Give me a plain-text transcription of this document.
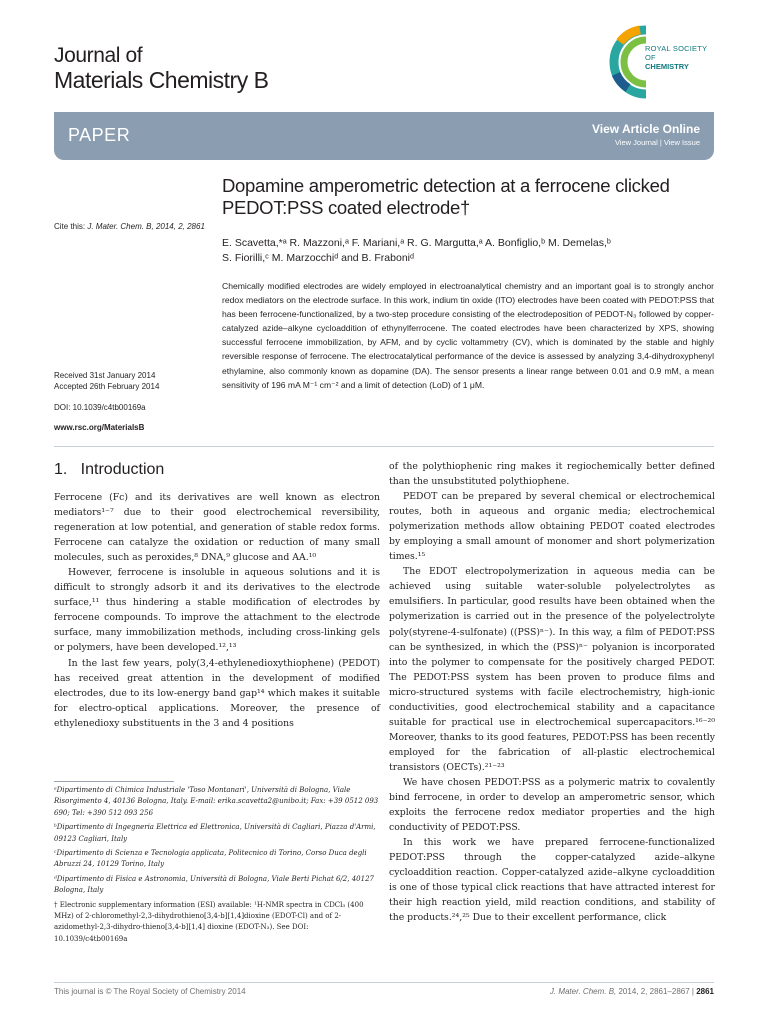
Journal of
Materials Chemistry B
ROYAL SOCIETY
OF
CHEMISTRY
PAPER	View Article Online
View Journal | View Issue
Cite this: J. Mater. Chem. B, 2014, 2, 2861
Dopamine amperometric detection at a ferrocene clicked PEDOT:PSS coated electrode†
E. Scavetta,*ᵃ R. Mazzoni,ᵃ F. Mariani,ᵃ R. G. Margutta,ᵃ A. Bonfiglio,ᵇ M. Demelas,ᵇ
S. Fiorilli,ᶜ M. Marzocchiᵈ and B. Fraboniᵈ
Chemically modified electrodes are widely employed in electroanalytical chemistry and an important goal is to strongly anchor redox mediators on the electrode surface. In this work, indium tin oxide (ITO) electrodes have been coated with PEDOT:PSS that has been ferrocene-functionalized, by a two-step procedure consisting of the electrodeposition of PEDOT-N₃ followed by copper-catalyzed azide–alkyne cycloaddition of ethynylferrocene. The coated electrodes have been characterized by XPS, showing successful ferrocene immobilization, by AFM, and by cyclic voltammetry (CV), which is dominated by the stable and highly reversible response of ferrocene. The electrocatalytical performance of the device is assessed by analyzing 3,4-dihydroxyphenyl ethylamine, also commonly known as dopamine (DA). The sensor presents a linear range between 0.01 and 0.9 mM, a mean sensitivity of 196 mA M⁻¹ cm⁻² and a limit of detection (LoD) of 1 μM.
Received 31st January 2014
Accepted 26th February 2014
DOI: 10.1039/c4tb00169a
www.rsc.org/MaterialsB
1.   Introduction

Ferrocene (Fc) and its derivatives are well known as electron mediators¹⁻⁷ due to their good electrochemical reversibility, regeneration at low potential, and generation of stable redox forms. Ferrocene can catalyze the oxidation or reduction of many small molecules, such as peroxides,⁸ DNA,⁹ glucose and AA.¹⁰

However, ferrocene is insoluble in aqueous solutions and it is difficult to strongly adsorb it and its derivatives to the electrode surface,¹¹ thus hindering a stable modification of electrodes by ferrocene compounds. To improve the attachment to the electrode surface, many immobilization methods, including cross-linking gels or polymers, have been developed.¹²,¹³

In the last few years, poly(3,4-ethylenedioxythiophene) (PEDOT) has received great attention in the development of modified electrodes, due to its low-energy band gap¹⁴ which makes it suitable for electro-optical applications. Moreover, the presence of ethylenedioxy substituents in the 3 and 4 positions

of the polythiophenic ring makes it regiochemically better defined than the unsubstituted polythiophene.

PEDOT can be prepared by several chemical or electrochemical routes, both in aqueous and organic media; electrochemical polymerization methods allow obtaining PEDOT coated electrodes by employing a small amount of monomer and short polymerization times.¹⁵

The EDOT electropolymerization in aqueous media can be achieved using suitable water-soluble polyelectrolytes as emulsifiers. In particular, good results have been obtained when the polymerization is carried out in the presence of the polyelectrolyte poly(styrene-4-sulfonate) ((PSS)ⁿ⁻). In this way, a film of PEDOT:PSS can be synthesized, in which the (PSS)ⁿ⁻ polyanion is incorporated into the polymer to compensate for the positively charged PEDOT. The PEDOT:PSS system has been proven to produce films and micro-structured systems with facile electrochemistry, high-ionic conductivities, good electrochemical stability and a capacitance suitable for practical use in electrochemical supercapacitors.¹⁶⁻²⁰ Moreover, thanks to its good features, PEDOT:PSS has been recently employed for the fabrication of all-plastic electrochemical transistors (OECTs).²¹⁻²³

We have chosen PEDOT:PSS as a polymeric matrix to covalently bind ferrocene, in order to develop an amperometric sensor, which exploits the ferrocene redox mediator properties and the high conductivity of PEDOT:PSS.

In this work we have prepared ferrocene-functionalized PEDOT:PSS through the copper-catalyzed azide–alkyne cycloaddition reaction. Copper-catalyzed azide–alkyne cycloaddition is one of those typical click reactions that have attracted interest for their high reaction yield, mild reaction conditions, and stability of the products.²⁴,²⁵ Due to their excellent performance, click

ᵃDipartimento di Chimica Industriale 'Toso Montanari', Università di Bologna, Viale Risorgimento 4, 40136 Bologna, Italy. E-mail: erika.scavetta2@unibo.it; Fax: +39 0512 093 690; Tel: +390 512 093 256

ᵇDipartimento di Ingegneria Elettrica ed Elettronica, Università di Cagliari, Piazza d'Armi, 09123 Cagliari, Italy

ᶜDipartimento di Scienza e Tecnologia applicata, Politecnico di Torino, Corso Duca degli Abruzzi 24, 10129 Torino, Italy

ᵈDipartimento di Fisica e Astronomia, Università di Bologna, Viale Berti Pichat 6/2, 40127 Bologna, Italy

† Electronic supplementary information (ESI) available: ¹H-NMR spectra in CDCl₃ (400 MHz) of 2-chloromethyl-2,3-dihydrothieno[3,4-b][1,4]dioxine (EDOT-Cl) and of 2-azidomethyl-2,3-dihydro-thieno[3,4-b][1,4] dioxine (EDOT-N₃). See DOI: 10.1039/c4tb00169a

This journal is © The Royal Society of Chemistry 2014	J. Mater. Chem. B, 2014, 2, 2861–2867 | 2861
